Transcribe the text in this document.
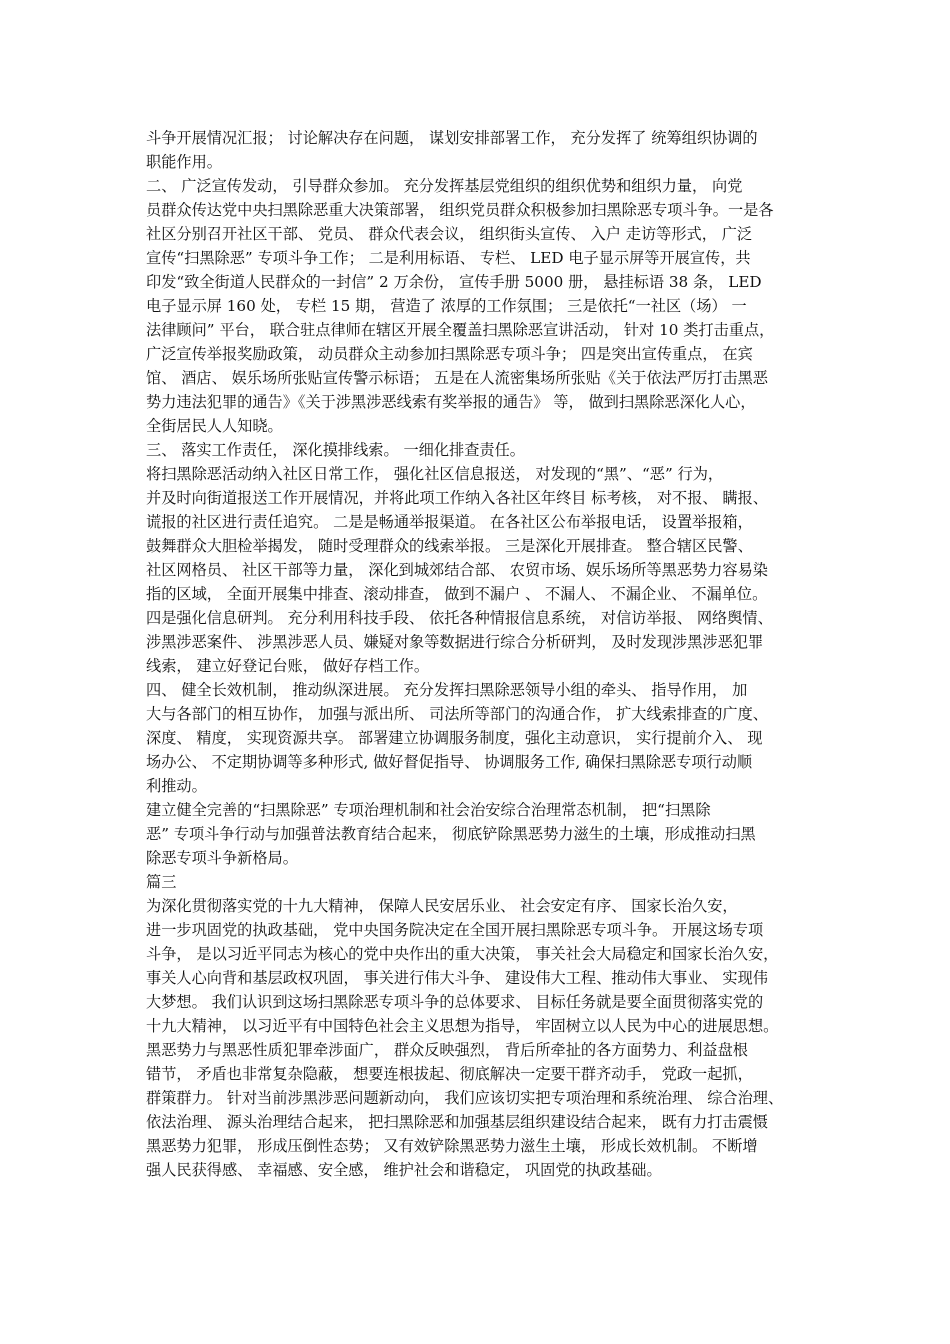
斗争开展情况汇报； 讨论解决存在问题， 谋划安排部署工作， 充分发挥了 统筹组织协调的
职能作用。
二、 广泛宣传发动， 引导群众参加。 充分发挥基层党组织的组织优势和组织力量， 向党
员群众传达党中央扫黑除恶重大决策部署， 组织党员群众积极参加扫黑除恶专项斗争。一是各
社区分别召开社区干部、 党员、 群众代表会议， 组织街头宣传、 入户 走访等形式， 广泛
宣传“扫黑除恶” 专项斗争工作； 二是利用标语、 专栏、 LED 电子显示屏等开展宣传，共
印发“致全街道人民群众的一封信” 2 万余份， 宣传手册 5000 册， 悬挂标语 38 条， LED
电子显示屏 160 处， 专栏 15 期， 营造了 浓厚的工作氛围； 三是依托“一社区（场） 一
法律顾问” 平台， 联合驻点律师在辖区开展全覆盖扫黑除恶宣讲活动， 针对 10 类打击重点，
广泛宣传举报奖励政策， 动员群众主动参加扫黑除恶专项斗争； 四是突出宣传重点， 在宾
馆、 酒店、 娱乐场所张贴宣传警示标语； 五是在人流密集场所张贴《关于依法严厉打击黑恶
势力违法犯罪的通告》《关于涉黑涉恶线索有奖举报的通告》 等， 做到扫黑除恶深化人心，
全街居民人人知晓。
三、 落实工作责任， 深化摸排线索。 一细化排查责任。
将扫黑除恶活动纳入社区日常工作， 强化社区信息报送， 对发现的“黑”、“恶” 行为，
并及时向街道报送工作开展情况，并将此项工作纳入各社区年终目 标考核， 对不报、 瞒报、
谎报的社区进行责任追究。 二是是畅通举报渠道。 在各社区公布举报电话， 设置举报箱，
鼓舞群众大胆检举揭发， 随时受理群众的线索举报。 三是深化开展排查。 整合辖区民警、
社区网格员、 社区干部等力量， 深化到城郊结合部、 农贸市场、娱乐场所等黑恶势力容易染
指的区域， 全面开展集中排查、滚动排查， 做到不漏户 、 不漏人、 不漏企业、 不漏单位。
四是强化信息研判。 充分利用科技手段、 依托各种情报信息系统， 对信访举报、 网络舆情、
涉黑涉恶案件、 涉黑涉恶人员、嫌疑对象等数据进行综合分析研判， 及时发现涉黑涉恶犯罪
线索， 建立好登记台账， 做好存档工作。
四、 健全长效机制， 推动纵深进展。 充分发挥扫黑除恶领导小组的牵头、 指导作用， 加
大与各部门的相互协作， 加强与派出所、 司法所等部门的沟通合作， 扩大线索排查的广度、
深度、 精度， 实现资源共享。 部署建立协调服务制度，强化主动意识， 实行提前介入、 现
场办公、 不定期协调等多种形式, 做好督促指导、 协调服务工作, 确保扫黑除恶专项行动顺
利推动。
建立健全完善的“扫黑除恶” 专项治理机制和社会治安综合治理常态机制， 把“扫黑除
恶” 专项斗争行动与加强普法教育结合起来， 彻底铲除黑恶势力滋生的土壤，形成推动扫黑
除恶专项斗争新格局。
篇三
为深化贯彻落实党的十九大精神， 保障人民安居乐业、 社会安定有序、 国家长治久安，
进一步巩固党的执政基础， 党中央国务院决定在全国开展扫黑除恶专项斗争。 开展这场专项
斗争， 是以习近平同志为核心的党中央作出的重大决策， 事关社会大局稳定和国家长治久安，
事关人心向背和基层政权巩固， 事关进行伟大斗争、 建设伟大工程、推动伟大事业、 实现伟
大梦想。 我们认识到这场扫黑除恶专项斗争的总体要求、 目标任务就是要全面贯彻落实党的
十九大精神， 以习近平有中国特色社会主义思想为指导， 牢固树立以人民为中心的进展思想。
黑恶势力与黑恶性质犯罪牵涉面广， 群众反映强烈， 背后所牵扯的各方面势力、利益盘根
错节， 矛盾也非常复杂隐蔽， 想要连根拔起、彻底解决一定要干群齐动手， 党政一起抓，
群策群力。 针对当前涉黑涉恶问题新动向， 我们应该切实把专项治理和系统治理、 综合治理、
依法治理、 源头治理结合起来， 把扫黑除恶和加强基层组织建设结合起来， 既有力打击震慑
黑恶势力犯罪， 形成压倒性态势； 又有效铲除黑恶势力滋生土壤， 形成长效机制。 不断增
强人民获得感、 幸福感、安全感， 维护社会和谐稳定， 巩固党的执政基础。
